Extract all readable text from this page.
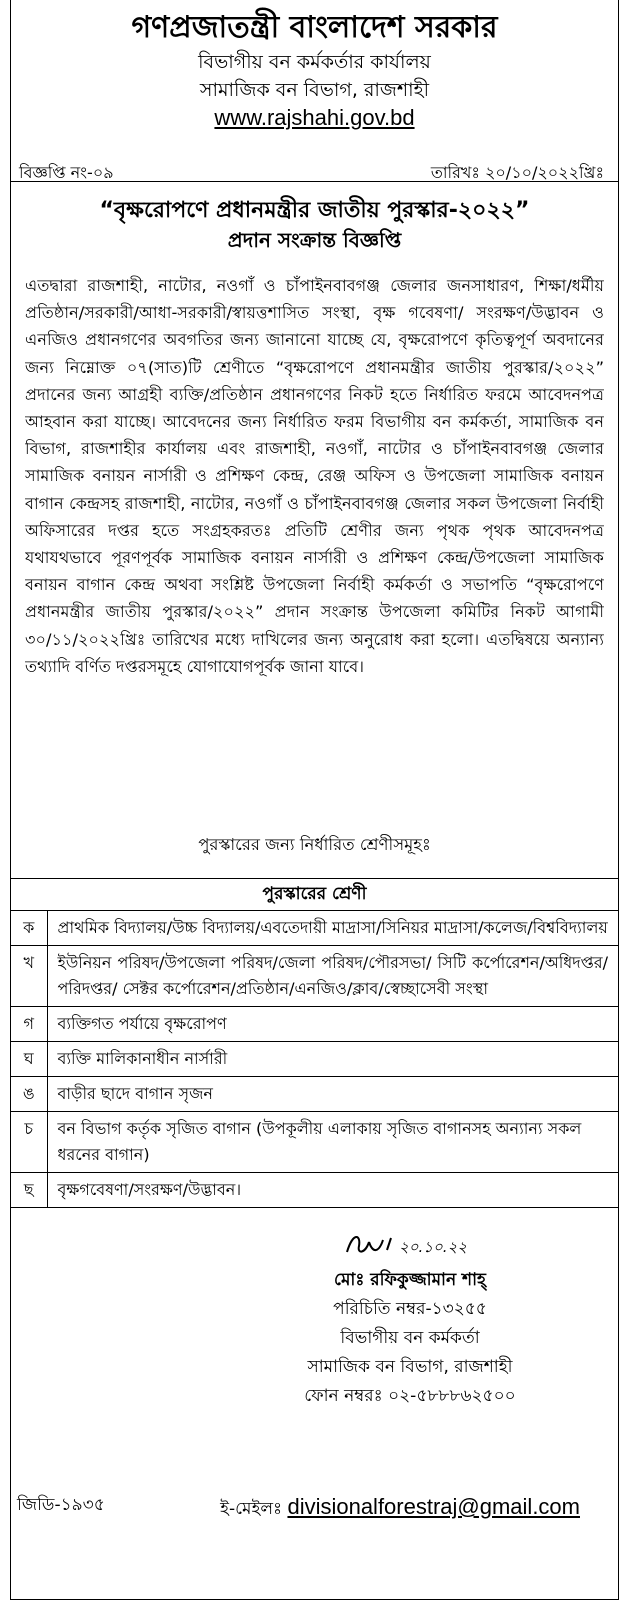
গণপ্রজাতন্ত্রী বাংলাদেশ সরকার
বিভাগীয় বন কর্মকর্তার কার্যালয়
সামাজিক বন বিভাগ, রাজশাহী
www.rajshahi.gov.bd
বিজ্ঞপ্তি নং-০৯	তারিখঃ ২০/১০/২০২২খ্রিঃ
“বৃক্ষরোপণে প্রধানমন্ত্রীর জাতীয় পুরস্কার-২০২২”
প্রদান সংক্রান্ত বিজ্ঞপ্তি
এতদ্বারা রাজশাহী, নাটোর, নওগাঁ ও চাঁপাইনবাবগঞ্জ জেলার জনসাধারণ, শিক্ষা/ধর্মীয় প্রতিষ্ঠান/সরকারী/আধা-সরকারী/স্বায়ত্তশাসিত সংস্থা, বৃক্ষ গবেষণা/ সংরক্ষণ/উদ্ভাবন ও এনজিও প্রধানগণের অবগতির জন্য জানানো যাচ্ছে যে, বৃক্ষরোপণে কৃতিত্বপূর্ণ অবদানের জন্য নিম্নোক্ত ০৭(সাত)টি শ্রেণীতে “বৃক্ষরোপণে প্রধানমন্ত্রীর জাতীয় পুরস্কার/২০২২” প্রদানের জন্য আগ্রহী ব্যক্তি/প্রতিষ্ঠান প্রধানগণের নিকট হতে নির্ধারিত ফরমে আবেদনপত্র আহবান করা যাচ্ছে। আবেদনের জন্য নির্ধারিত ফরম বিভাগীয় বন কর্মকর্তা, সামাজিক বন বিভাগ, রাজশাহীর কার্যালয় এবং রাজশাহী, নওগাঁ, নাটোর ও চাঁপাইনবাবগঞ্জ জেলার সামাজিক বনায়ন নার্সারী ও প্রশিক্ষণ কেন্দ্র, রেঞ্জ অফিস ও উপজেলা সামাজিক বনায়ন বাগান কেন্দ্রসহ রাজশাহী, নাটোর, নওগাঁ ও চাঁপাইনবাবগঞ্জ জেলার সকল উপজেলা নির্বাহী অফিসারের দপ্তর হতে সংগ্রহকরতঃ প্রতিটি শ্রেণীর জন্য পৃথক পৃথক আবেদনপত্র যথাযথভাবে পূরণপূর্বক সামাজিক বনায়ন নার্সারী ও প্রশিক্ষণ কেন্দ্র/উপজেলা সামাজিক বনায়ন বাগান কেন্দ্র অথবা সংশ্লিষ্ট উপজেলা নির্বাহী কর্মকর্তা ও সভাপতি “বৃক্ষরোপণে প্রধানমন্ত্রীর জাতীয় পুরস্কার/২০২২” প্রদান সংক্রান্ত উপজেলা কমিটির নিকট আগামী ৩০/১১/২০২২খ্রিঃ তারিখের মধ্যে দাখিলের জন্য অনুরোধ করা হলো। এতদ্বিষয়ে অন্যান্য তথ্যাদি বর্ণিত দপ্তরসমূহে যোগাযোগপূর্বক জানা যাবে।
পুরস্কারের জন্য নির্ধারিত শ্রেণীসমূহঃ
পুরস্কারের শ্রেণী	
ক	প্রাথমিক বিদ্যালয়/উচ্চ বিদ্যালয়/এবতেদায়ী মাদ্রাসা/সিনিয়র মাদ্রাসা/কলেজ/বিশ্ববিদ্যালয়
খ	ইউনিয়ন পরিষদ/উপজেলা পরিষদ/জেলা পরিষদ/পৌরসভা/ সিটি কর্পোরেশন/অধিদপ্তর/পরিদপ্তর/ সেক্টর কর্পোরেশন/প্রতিষ্ঠান/এনজিও/ক্লাব/স্বেচ্ছাসেবী সংস্থা
গ	ব্যক্তিগত পর্যায়ে বৃক্ষরোপণ
ঘ	ব্যক্তি মালিকানাধীন নার্সারী
ঙ	বাড়ীর ছাদে বাগান সৃজন
চ	বন বিভাগ কর্তৃক সৃজিত বাগান (উপকূলীয় এলাকায় সৃজিত বাগানসহ অন্যান্য সকল ধরনের বাগান)
ছ	বৃক্ষগবেষণা/সংরক্ষণ/উদ্ভাবন।
২০.১০.২২
মোঃ রফিকুজ্জামান শাহ্
পরিচিতি নম্বর-১৩২৫৫
বিভাগীয় বন কর্মকর্তা
সামাজিক বন বিভাগ, রাজশাহী
ফোন নম্বরঃ ০২-৫৮৮৮৬২৫০০
জিডি-১৯৩৫	ই-মেইলঃ divisionalforestraj@gmail.com
